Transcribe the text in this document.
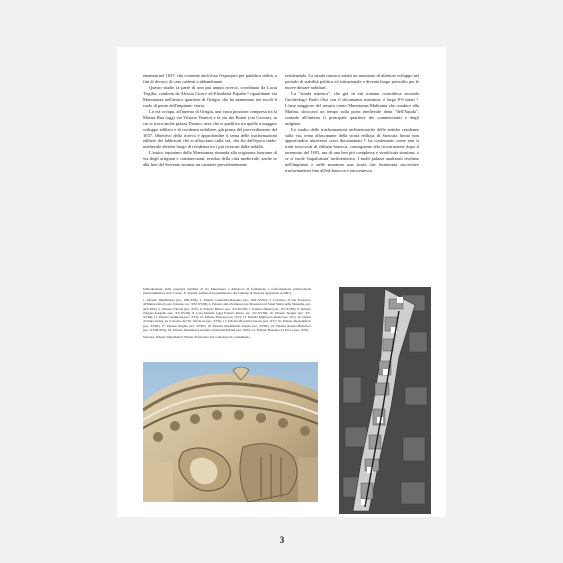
emanata nel 1657, che consente anch'essa l'esproprio per pubblica utilità, a fini di decoro, di case cadenti o abbandonate.

Questo studio fa parte di una più ampia ricerca, coordinata da Lucia Trigilia, condotta da Alessia Cicero ed Elisabetta Papalia ² riguardante via Maestranza nell'antico quartiere di Ortigia, che ha mantenuto nei secoli il ruolo di perno dell'impianto viario.

La via occupa, all'interno di Ortigia, una vasta porzione compresa tra la Mastra Rua (oggi via Vittorio Veneto) e la via dei Bottai (via Cavour), in cui si trova anche piazza Duomo, area che si qualifica tra quelle a maggior sviluppo edilizio e di residenza nobiliare, già prima del provvedimento del 1637. Obiettivo della ricerca è approfondire il tema delle trasformazioni edilizie dei fabbricati che si affacciano sulla via, che fin dall'epoca tardo-medievale diviene luogo di residenza tra i più ricercati dalla nobiltà.

L'antico toponimo della Maestranza rimanda alla originaria funzione di via degli artigiani e commercianti, residuo della città medievale, anche se alla fine del Seicento assume un carattere prevalentemente

residenziale. La strada conosce infatti un momento di ulteriore sviluppo nel periodo di stabilità politica ed istituzionale e diventa luogo prescelto per le nuove dimore nobiliari.

La "strada maestra", che già in età romana coincideva secondo l'archeologo Paolo Orsi con il decumanus maximus, è larga 8-9 metri ³. L'asse maggiore del tessuto viario Maestranza-Maltrania che conduce alla Marina, sboccava un tempo sulla porta medievale detta "dell'Aquila", creando all'interno il principale quartiere dei commercianti e degli artigiani.

Lo studio delle trasformazioni architettoniche delle antiche residenze sulla via, tema affascinante della storia edilizia di Siracusa finora non approfondito attraverso scavi documentari ⁴, ha confermato come non si tratti tout-court di edilizia barocca, conseguente alla ricostruzione dopo il terremoto del 1693, ma di una ben più complessa e stratificata struttura, o se si vuole 'impalcatura' architettonica. I molti palazzi analizzati rivelano nell'impianto e nelle murature una storia che testimonia successive trasformazioni fino all'età barocca e ottocentesca.

Individuazione delle proprietà nobiliari di via Maestranza e dell'epoca di fondazione e trasformazione (elaborazione planivolumetrica di A. Cicero, E. Papalia, sull'aerofotogrammetrico del Comune di Siracusa aggiornato al 2001).

1. Palazzo Impellizzeri (sec. XIII-XIX); 2. Palazzo Landolina-Bonanno (sec. XIII-XVIII); 3. Convento di San Francesco all'Immacolata (Corte d'Assise, sec. XIV-XVIII); 4. Palazzo della Prefettura (ex Monastero di Santa Maria delle Monache, sec. XIV-XIX); 5. Palazzo Pancali (sec. XIV); 6. Palazzo Blanco (sec. XV-XVIII); 7. Palazzo Daneri (sec. XV-XVIII); 8. Palazzo Zappata-Gargallo (sec. XV-XVIII); 9. Casa Daniele (oggi Palazzo Rizza, sec. XV-XVIII); 10. Palazzo Spagna (sec. XV-XVIII); 11. Palazzo Ardizzone (sec. XVI); 12. Palazzo Pisacane (sec. XV); 13. Palazzo Migliaccio-Reale (sec. XV); 14. Chiesa di Santa Teresa, ex Convento del SS. Salvatore (sec. XVII); 15. Palazzo Beccetti-Cassone (sec. XV); 16. Palazzo Reale-Rincia (sec. XVIII); 17. Palazzo Regina (sec. XVIII); 18. Palazzo Impellizzeri-Vianisi (sec. XVIII); 19. Palazzo Romeo-Bufardeci (sec. XVIII-XIX); 20. Palazzo Interlandi-Lardolina, Interlandi-Pizzuti (sec. XIX); 21. Palazzo Bonanno-La Rocca (sec. XIX).

Siracusa. Palazzo Impellizzeri Vianisi. Particolare del cornicione di coronamento.

3
